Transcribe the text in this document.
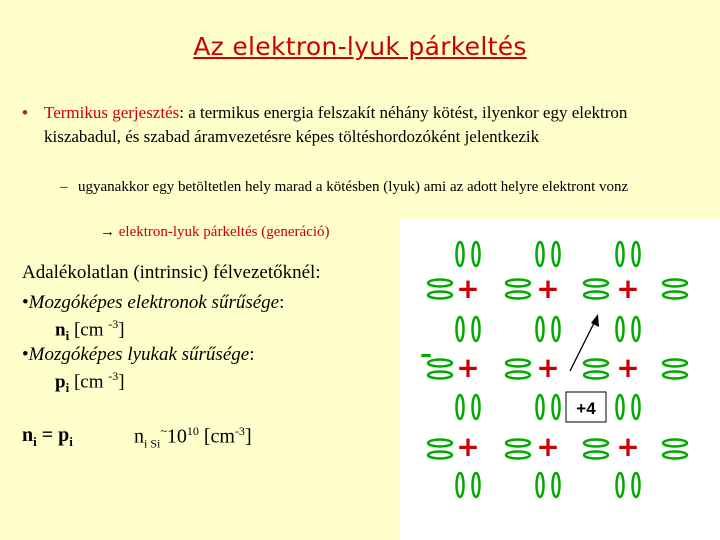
Az elektron-lyuk párkeltés
• Termikus gerjesztés: a termikus energia felszakít néhány kötést, ilyenkor egy elektron kiszabadul, és szabad áramvezetésre képes töltéshordozóként jelentkezik
– ugyanakkor egy betöltetlen hely marad a kötésben (lyuk) ami az adott helyre elektront vonz
→ elektron-lyuk párkeltés (generáció)
Adalékolatlan (intrinsic) félvezetőknél:
•Mozgóképes elektronok sűrűsége:
$n_i$ [cm $^{-3}$]
•Mozgóképes lyukak sűrűsége:
$p_i$ [cm $^{-3}$]
$n_i = p_i$	$n_{i Si}^\sim 10^{10}$ $[cm^{-3}]$
+ + +
+ + +
+ + +
–
+4
